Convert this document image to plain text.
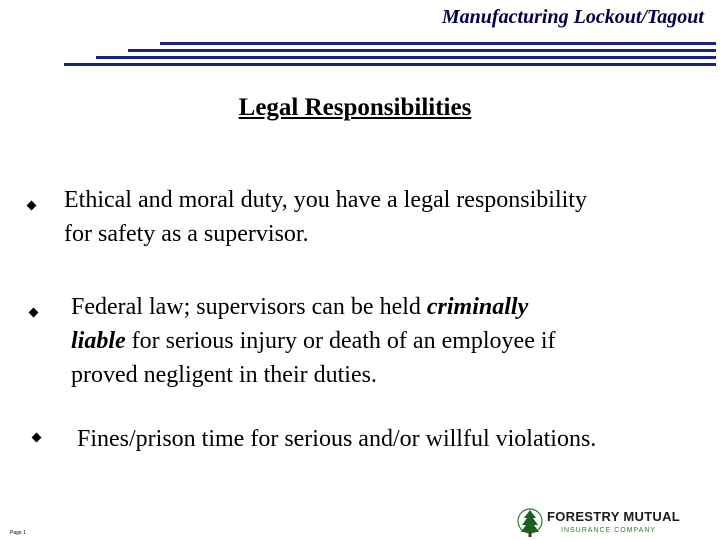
Manufacturing Lockout/Tagout
Legal Responsibilities
Ethical and moral duty, you have a legal responsibility
for safety as a supervisor.
Federal law; supervisors can be held criminally
liable for serious injury or death of an employee if
proved negligent in their duties.
Fines/prison time for serious and/or willful violations.
Page 1
FORESTRY MUTUAL
INSURANCE COMPANY
